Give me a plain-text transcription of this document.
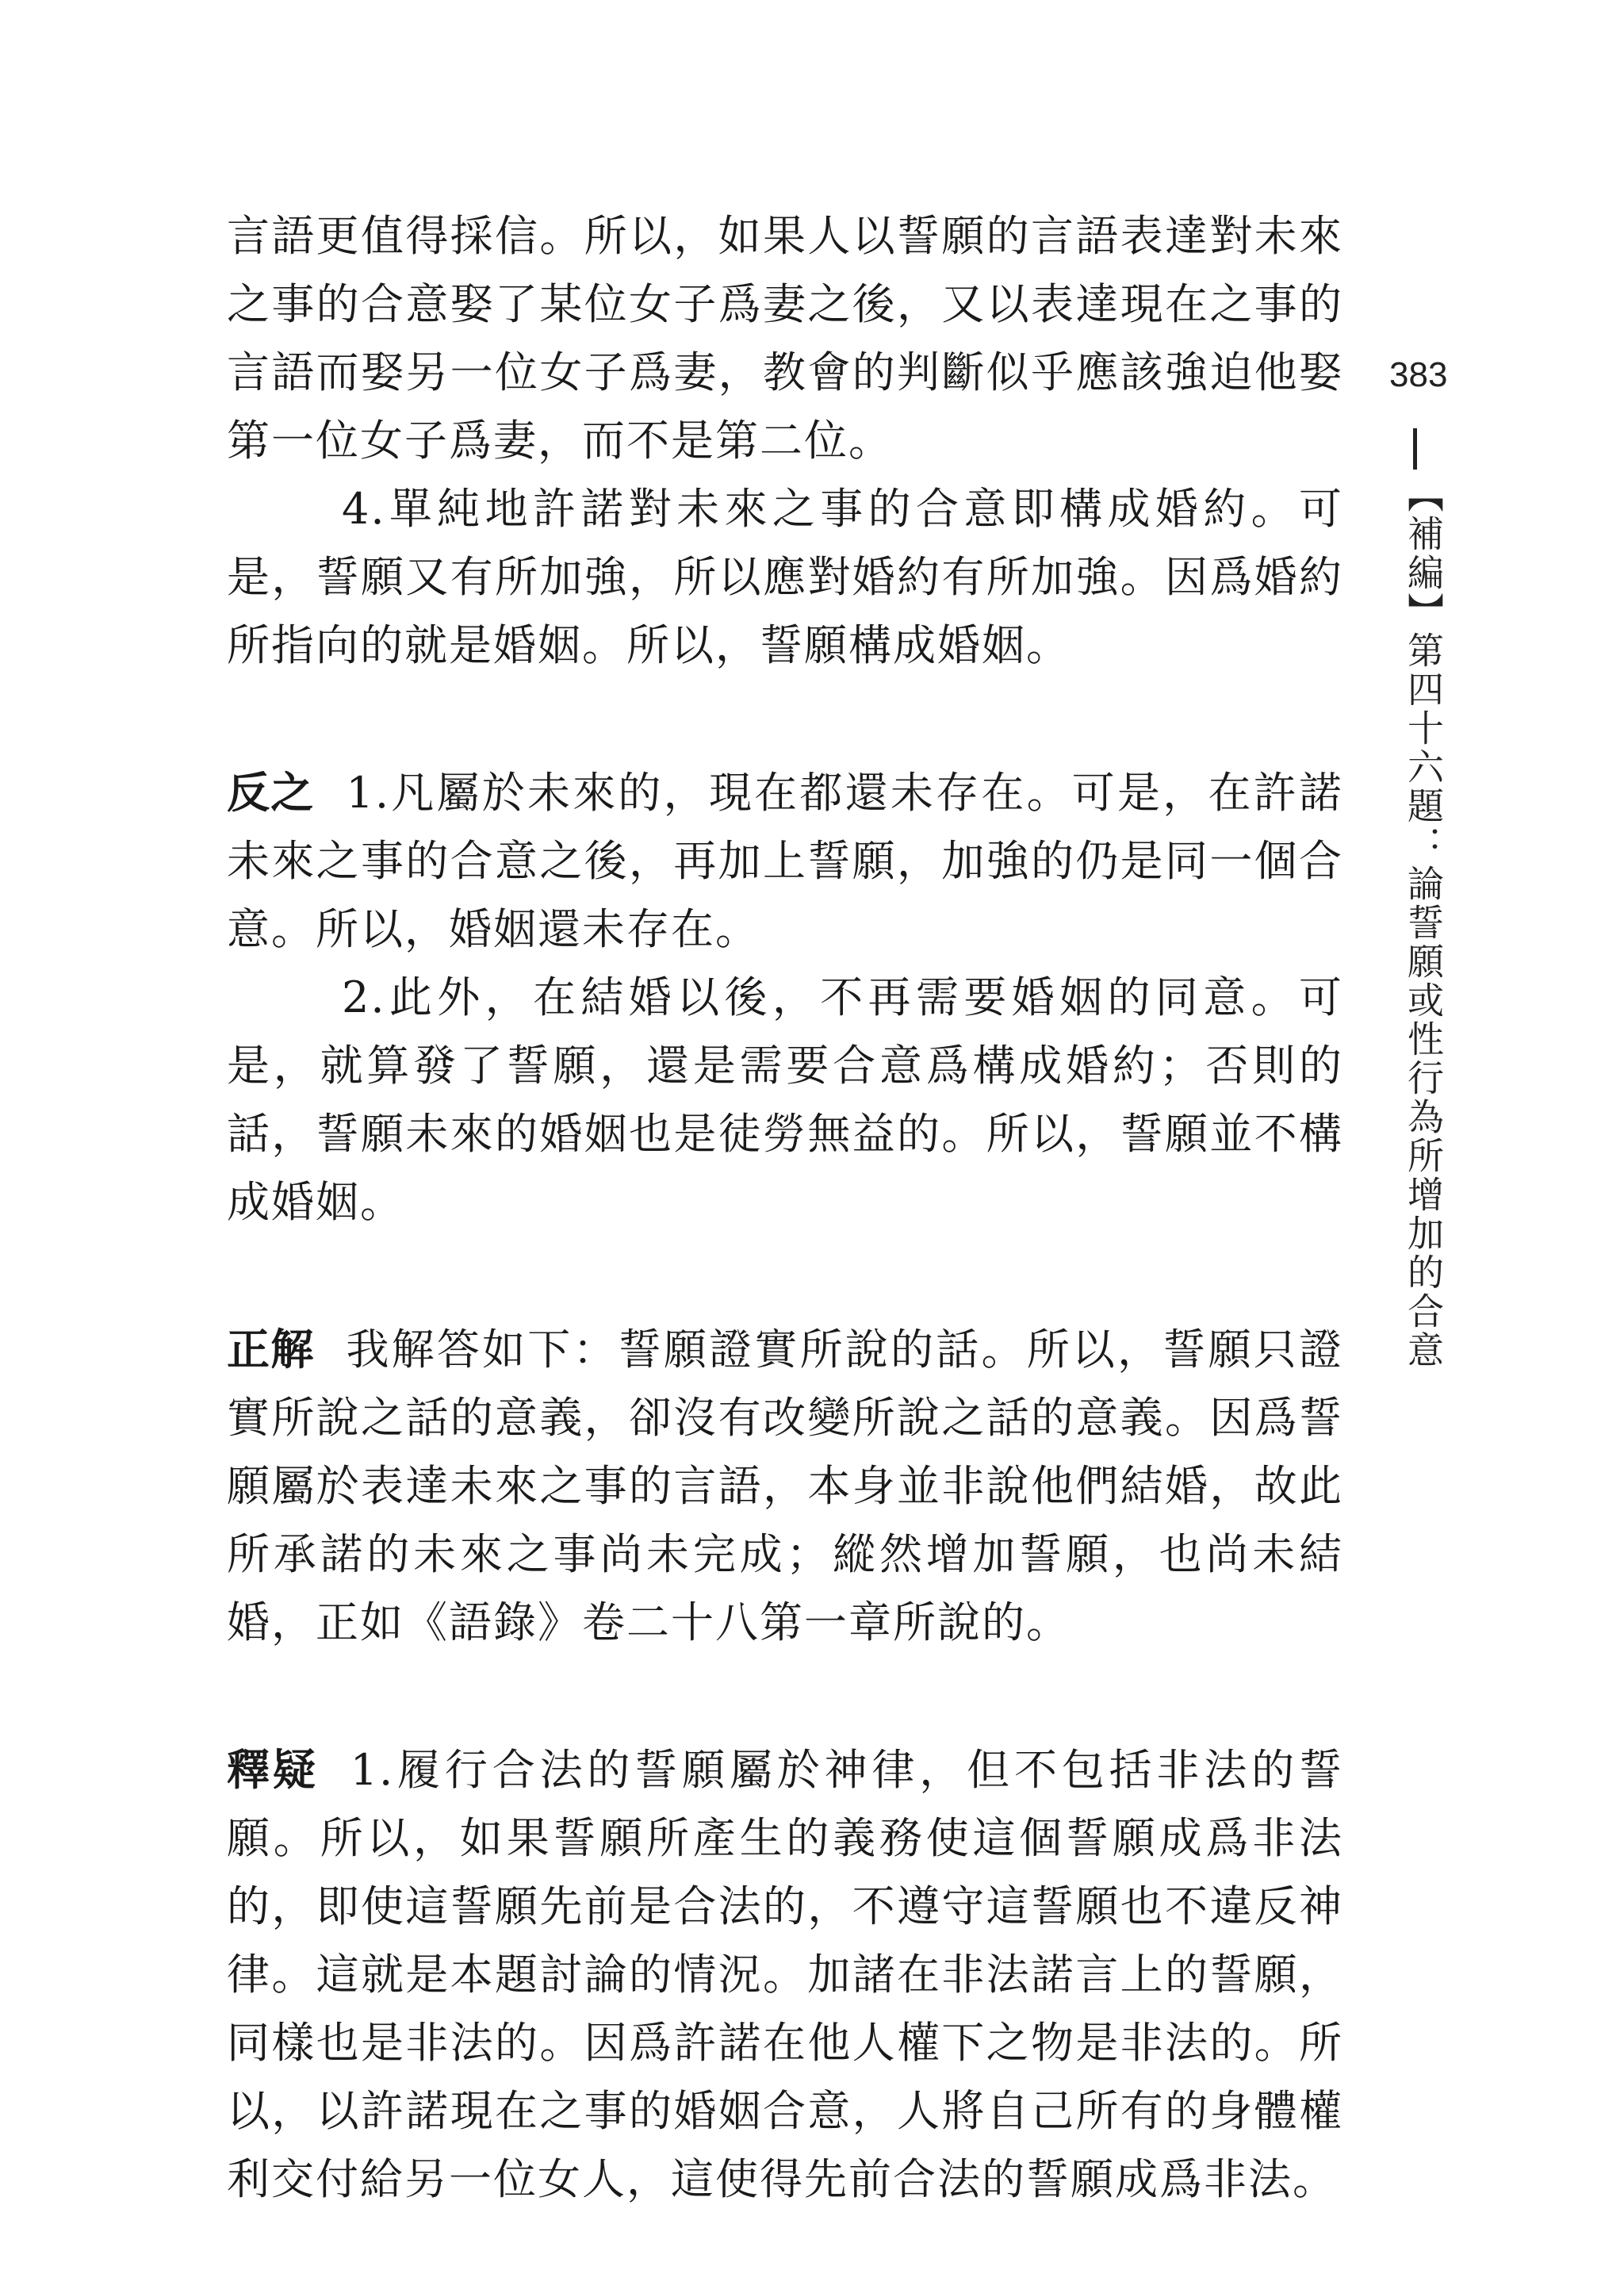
言語更值得採信。所以，如果人以誓願的言語表達對未來之事的合意娶了某位女子爲妻之後，又以表達現在之事的言語而娶另一位女子爲妻，教會的判斷似乎應該強迫他娶第一位女子爲妻，而不是第二位。

4.單純地許諾對未來之事的合意即構成婚約。可是，誓願又有所加強，所以應對婚約有所加強。因爲婚約所指向的就是婚姻。所以，誓願構成婚姻。

反之 1.凡屬於未來的，現在都還未存在。可是，在許諾未來之事的合意之後，再加上誓願，加強的仍是同一個合意。所以，婚姻還未存在。

2.此外，在結婚以後，不再需要婚姻的同意。可是，就算發了誓願，還是需要合意爲構成婚約；否則的話，誓願未來的婚姻也是徒勞無益的。所以，誓願並不構成婚姻。

正解 我解答如下：誓願證實所說的話。所以，誓願只證實所說之話的意義，卻沒有改變所說之話的意義。因爲誓願屬於表達未來之事的言語，本身並非說他們結婚，故此所承諾的未來之事尚未完成；縱然增加誓願，也尚未結婚，正如《語錄》卷二十八第一章所說的。

釋疑 1.履行合法的誓願屬於神律，但不包括非法的誓願。所以，如果誓願所產生的義務使這個誓願成爲非法的，即使這誓願先前是合法的，不遵守這誓願也不違反神律。這就是本題討論的情況。加諸在非法諾言上的誓願，同樣也是非法的。因爲許諾在他人權下之物是非法的。所以，以許諾現在之事的婚姻合意，人將自己所有的身體權利交付給另一位女人，這使得先前合法的誓願成爲非法。

383
【補編】第四十六題：論誓願或性行為所增加的合意
